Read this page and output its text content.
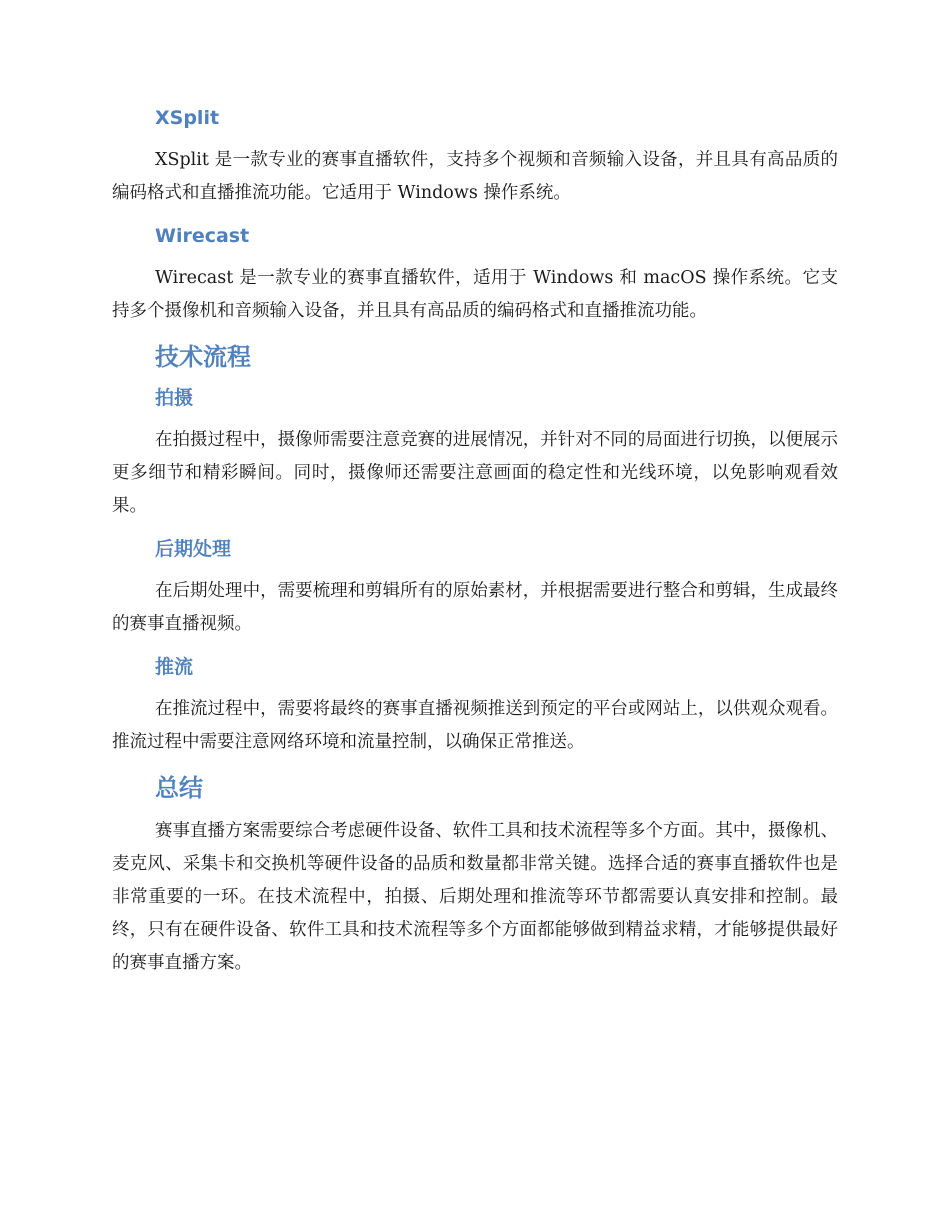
XSplit
XSplit 是一款专业的赛事直播软件，支持多个视频和音频输入设备，并且具有高品质的编码格式和直播推流功能。它适用于 Windows 操作系统。
Wirecast
Wirecast 是一款专业的赛事直播软件，适用于 Windows 和 macOS 操作系统。它支持多个摄像机和音频输入设备，并且具有高品质的编码格式和直播推流功能。
技术流程
拍摄
在拍摄过程中，摄像师需要注意竞赛的进展情况，并针对不同的局面进行切换，以便展示更多细节和精彩瞬间。同时，摄像师还需要注意画面的稳定性和光线环境，以免影响观看效果。
后期处理
在后期处理中，需要梳理和剪辑所有的原始素材，并根据需要进行整合和剪辑，生成最终的赛事直播视频。
推流
在推流过程中，需要将最终的赛事直播视频推送到预定的平台或网站上，以供观众观看。推流过程中需要注意网络环境和流量控制，以确保正常推送。
总结
赛事直播方案需要综合考虑硬件设备、软件工具和技术流程等多个方面。其中，摄像机、麦克风、采集卡和交换机等硬件设备的品质和数量都非常关键。选择合适的赛事直播软件也是非常重要的一环。在技术流程中，拍摄、后期处理和推流等环节都需要认真安排和控制。最终，只有在硬件设备、软件工具和技术流程等多个方面都能够做到精益求精，才能够提供最好的赛事直播方案。
